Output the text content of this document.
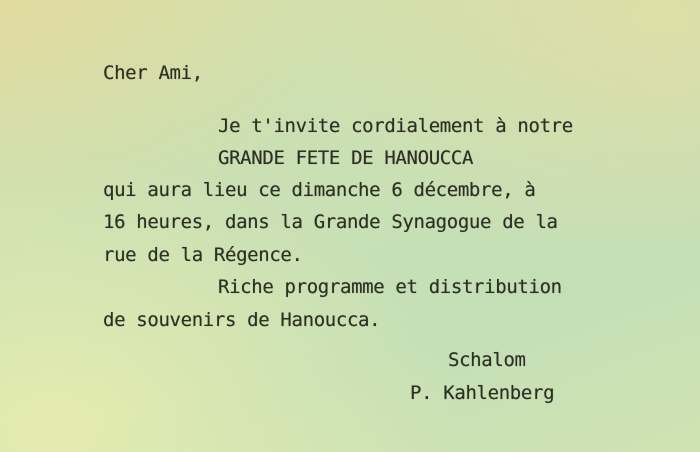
Cher Ami,
Je t'invite cordialement à notre
GRANDE FETE DE HANOUCCA
qui aura lieu ce dimanche 6 décembre, à
16 heures, dans la Grande Synagogue de la
rue de la Régence.
Riche programme et distribution
de souvenirs de Hanoucca.
Schalom
P. Kahlenberg
